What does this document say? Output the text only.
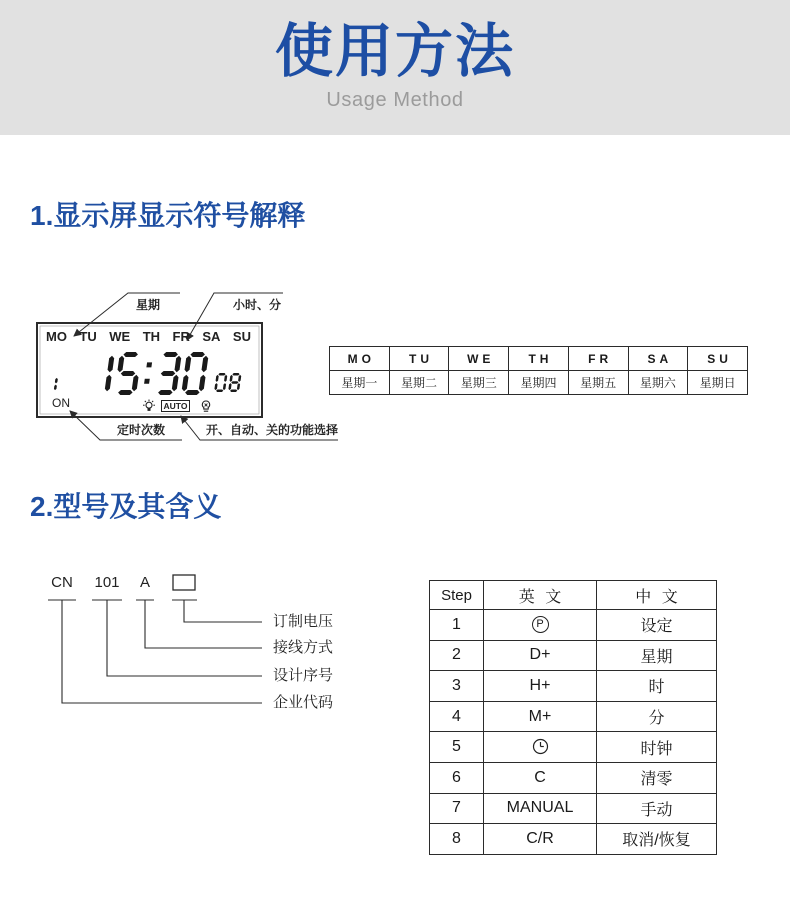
使用方法
Usage Method
1.显示屏显示符号解释
2.型号及其含义
MO TU WE TH FR SA SU
ON	AUTO
星期	小时、分
定时次数	开、自动、关的功能选择
MO	TU	WE	TH	FR	SA	SU
星期一	星期二	星期三	星期四	星期五	星期六	星期日
CN 101	A
订制电压
接线方式
设计序号
企业代码
Step	英 文	中 文
1	P	设定
2	D+	星期
3	H+	时
4	M+	分
5		时钟
6	C	清零
7	MANUAL	手动
8	C/R	取消/恢复
